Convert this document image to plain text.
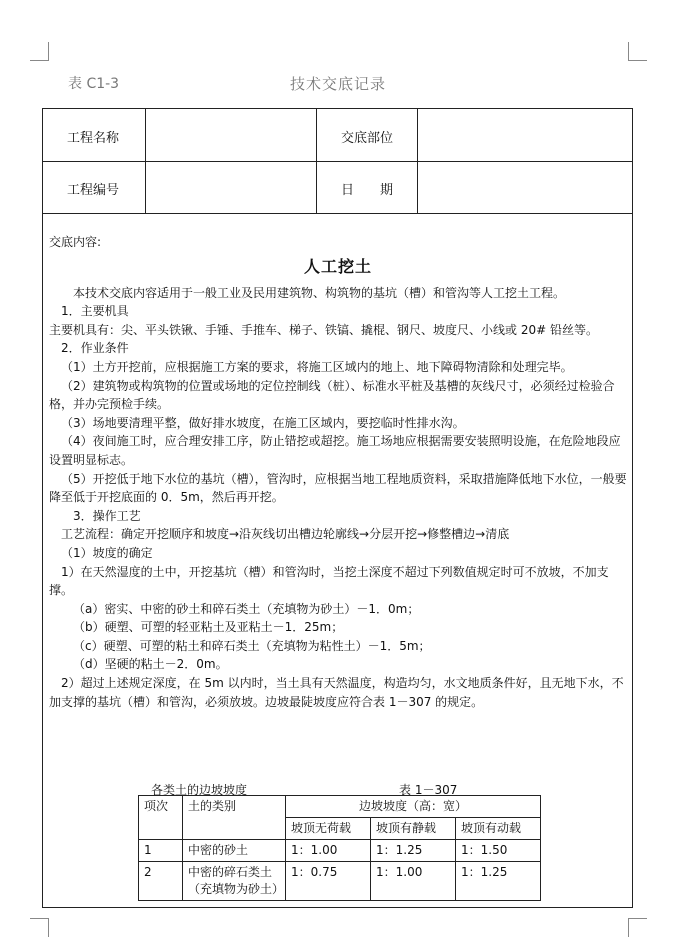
表 C1-3	技术交底记录
工程名称	交底部位
工程编号	日　　期

交底内容:

人工挖土

本技术交底内容适用于一般工业及民用建筑物、构筑物的基坑（槽）和管沟等人工挖土工程。

1．主要机具

主要机具有：尖、平头铁锹、手锤、手推车、梯子、铁镐、撬棍、钢尺、坡度尺、小线或 20# 铅丝等。

2．作业条件

（1）土方开挖前，应根据施工方案的要求，将施工区域内的地上、地下障碍物清除和处理完毕。

（2）建筑物或构筑物的位置或场地的定位控制线（桩）、标准水平桩及基槽的灰线尺寸，必须经过检验合格，并办完预检手续。

（3）场地要清理平整，做好排水坡度，在施工区域内，要挖临时性排水沟。

（4）夜间施工时，应合理安排工序，防止错挖或超挖。施工场地应根据需要安装照明设施，在危险地段应设置明显标志。

（5）开挖低于地下水位的基坑（槽），管沟时，应根据当地工程地质资料，采取措施降低地下水位，一般要降至低于开挖底面的 0．5m，然后再开挖。

3．操作工艺

工艺流程：确定开挖顺序和坡度→沿灰线切出槽边轮廓线→分层开挖→修整槽边→清底

（1）坡度的确定

1）在天然湿度的土中，开挖基坑（槽）和管沟时，当挖土深度不超过下列数值规定时可不放坡，不加支撑。

（a）密实、中密的砂土和碎石类土（充填物为砂土）－1．0m；

（b）硬塑、可塑的轻亚粘土及亚粘土－1．25m；

（c）硬塑、可塑的粘土和碎石类土（充填物为粘性土）－1．5m；

（d）坚硬的粘土－2．0m。

2）超过上述规定深度，在 5m 以内时，当土具有天然温度，构造均匀，水文地质条件好，且无地下水，不加支撑的基坑（槽）和管沟，必须放坡。边坡最陡坡度应符合表 1－307 的规定。

各类土的边坡坡度	表 1－307
项次	土的类别	边坡坡度（高：宽）		
		坡顶无荷载	坡顶有静载	坡顶有动载
1	中密的砂土	1：1.00	1：1.25	1：1.50
2	中密的碎石类土（充填物为砂土）	1：0.75	1：1.00	1：1.25
